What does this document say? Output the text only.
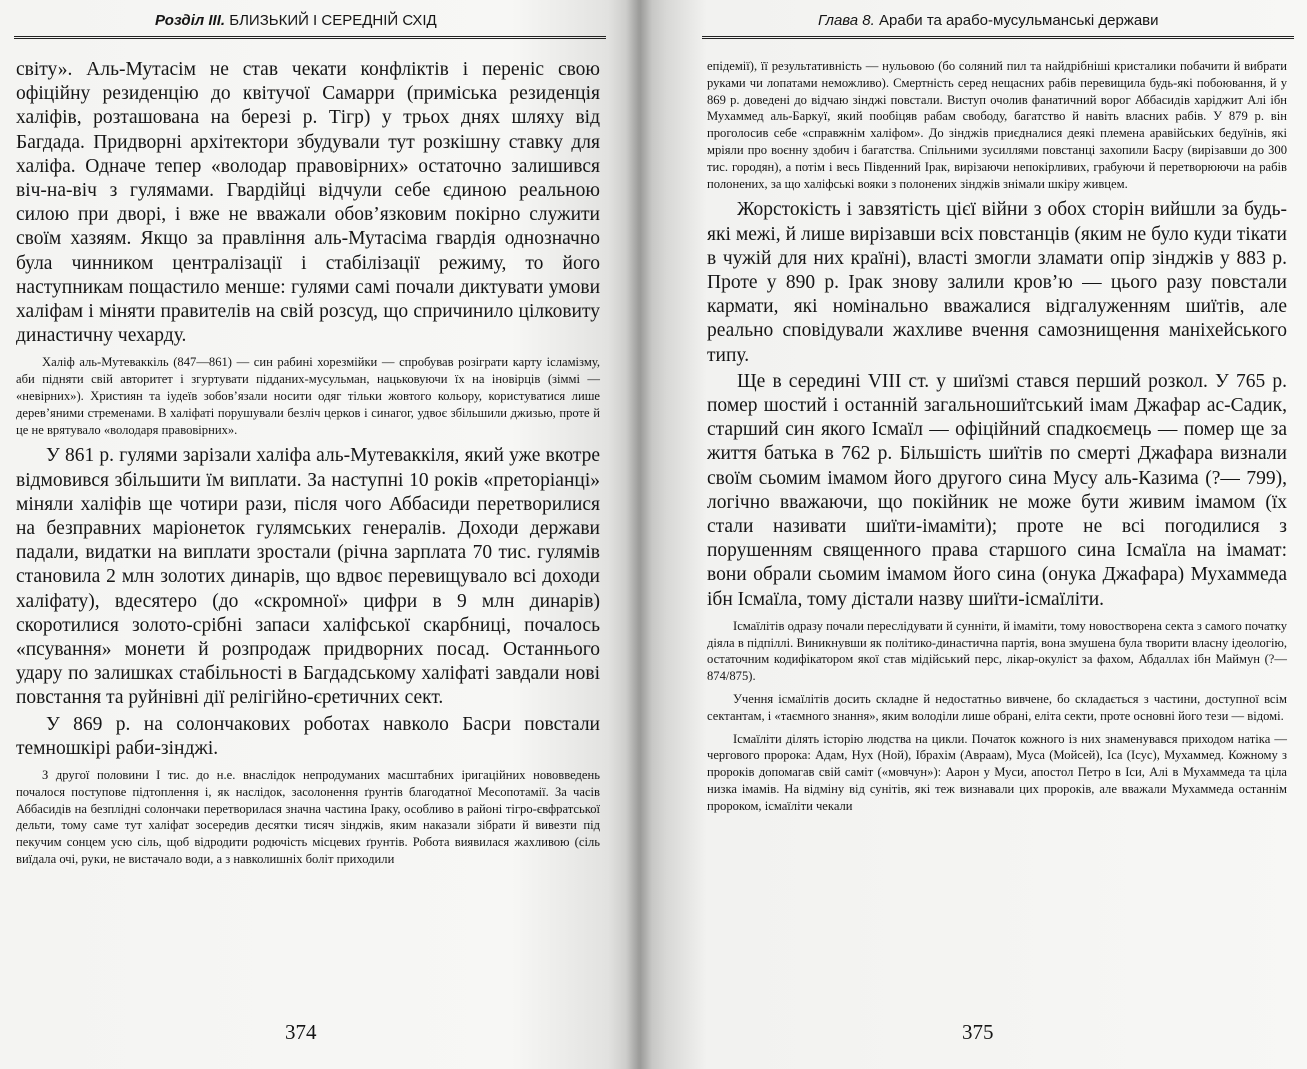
Розділ III. БЛИЗЬКИЙ І СЕРЕДНІЙ СХІД

світу». Аль-Мутасім не став чекати конфліктів і переніс свою офіційну резиденцію до квітучої Самарри (приміська резиденція халіфів, розташована на березі р. Тігр) у трьох днях шляху від Багдада. Придворні архітектори збудували тут розкішну ставку для халіфа. Одначе тепер «володар правовірних» остаточно залишився віч-на-віч з гулямами. Гвардійці відчули себе єдиною реальною силою при дворі, і вже не вважали обов’язковим покірно служити своїм хазяям. Якщо за правління аль-Мутасіма гвардія однозначно була чинником централізації і стабілізації режиму, то його наступникам пощастило менше: гулями самі почали диктувати умови халіфам і міняти правителів на свій розсуд, що спричинило цілковиту династичну чехарду.

Халіф аль-Мутеваккіль (847—861) — син рабині хорезмійки — спробував розіграти карту ісламізму, аби підняти свій авторитет і згуртувати підданих-мусульман, нацьковуючи їх на іновірців (зіммі — «невірних»). Християн та іудеїв зобов’язали носити одяг тільки жовтого кольору, користуватися лише дерев’яними стременами. В халіфаті порушували безліч церков і синагог, удвоє збільшили джизью, проте й це не врятувало «володаря правовірних».

У 861 р. гулями зарізали халіфа аль-Мутеваккіля, який уже вкотре відмовився збільшити їм виплати. За наступні 10 років «преторіанці» міняли халіфів ще чотири рази, після чого Аббасиди перетворилися на безправних маріонеток гулямських генералів. Доходи держави падали, видатки на виплати зростали (річна зарплата 70 тис. гулямів становила 2 млн золотих динарів, що вдвоє перевищувало всі доходи халіфату), вдесятеро (до «скромної» цифри в 9 млн динарів) скоротилися золото-срібні запаси халіфської скарбниці, почалось «псування» монети й розпродаж придворних посад. Останнього удару по залишках стабільності в Багдадському халіфаті завдали нові повстання та руйнівні дії релігійно-єретичних сект.

У 869 р. на солончакових роботах навколо Басри повстали темношкірі раби-зінджі.

З другої половини І тис. до н.е. внаслідок непродуманих масштабних іригаційних нововведень почалося поступове підтоплення і, як наслідок, засолонення ґрунтів благодатної Месопотамії. За часів Аббасидів на безплідні солончаки перетворилася значна частина Іраку, особливо в районі тігро-євфратської дельти, тому саме тут халіфат зосередив десятки тисяч зінджів, яким наказали зібрати й вивезти під пекучим сонцем усю сіль, щоб відродити родючість місцевих ґрунтів. Робота виявилася жахливою (сіль виїдала очі, руки, не вистачало води, а з навколишніх боліт приходили

374
Глава 8. Араби та арабо-мусульманські держави

епідемії), її результативність — нульовою (бо соляний пил та найдрібніші кристалики побачити й вибрати руками чи лопатами неможливо). Смертність серед нещасних рабів перевищила будь-які побоювання, й у 869 р. доведені до відчаю зінджі повстали. Виступ очолив фанатичний ворог Аббасидів харіджит Алі ібн Мухаммед аль-Баркуї, який пообіцяв рабам свободу, багатство й навіть власних рабів. У 879 р. він проголосив себе «справжнім халіфом». До зінджів приєдналися деякі племена аравійських бедуїнів, які мріяли про воєнну здобич і багатства. Спільними зусиллями повстанці захопили Басру (вирізавши до 300 тис. городян), а потім і весь Південний Ірак, вирізаючи непокірливих, грабуючи й перетворюючи на рабів полонених, за що халіфські вояки з полонених зінджів знімали шкіру живцем.

Жорстокість і завзятість цієї війни з обох сторін вийшли за будь-які межі, й лише вирізавши всіх повстанців (яким не було куди тікати в чужій для них країні), власті змогли зламати опір зінджів у 883 р. Проте у 890 р. Ірак знову залили кров’ю — цього разу повстали кармати, які номінально вважалися відгалуженням шиїтів, але реально сповідували жахливе вчення самознищення маніхейського типу.

Ще в середині VIII ст. у шиїзмі стався перший розкол. У 765 р. помер шостий і останній загальношиїтський імам Джафар ас-Садик, старший син якого Ісмаїл — офіційний спадкоємець — помер ще за життя батька в 762 р. Більшість шиїтів по смерті Джафара визнали своїм сьомим імамом його другого сина Мусу аль-Казима (?— 799), логічно вважаючи, що покійник не може бути живим імамом (їх стали називати шиїти-імаміти); проте не всі погодилися з порушенням священного права старшого сина Ісмаїла на імамат: вони обрали сьомим імамом його сина (онука Джафара) Мухаммеда ібн Ісмаїла, тому дістали назву шиїти-ісмаїліти.

Ісмаїлітів одразу почали переслідувати й сунніти, й імаміти, тому новостворена секта з самого початку діяла в підпіллі. Виникнувши як політико-династична партія, вона змушена була творити власну ідеологію, остаточним кодифікатором якої став мідійський перс, лікар-окуліст за фахом, Абдаллах ібн Маймун (?— 874/875).

Учення ісмаїлітів досить складне й недостатньо вивчене, бо складається з частини, доступної всім сектантам, і «таємного знання», яким володіли лише обрані, еліта секти, проте основні його тези — відомі.

Ісмаїліти ділять історію людства на цикли. Початок кожного із них знаменувався приходом натіка — чергового пророка: Адам, Нух (Ной), Ібрахім (Авраам), Муса (Мойсей), Іса (Ісус), Мухаммед. Кожному з пророків допомагав свій саміт («мовчун»): Аарон у Муси, апостол Петро в Іси, Алі в Мухаммеда та ціла низка імамів. На відміну від сунітів, які теж визнавали цих пророків, але вважали Мухаммеда останнім пророком, ісмаїліти чекали

375
